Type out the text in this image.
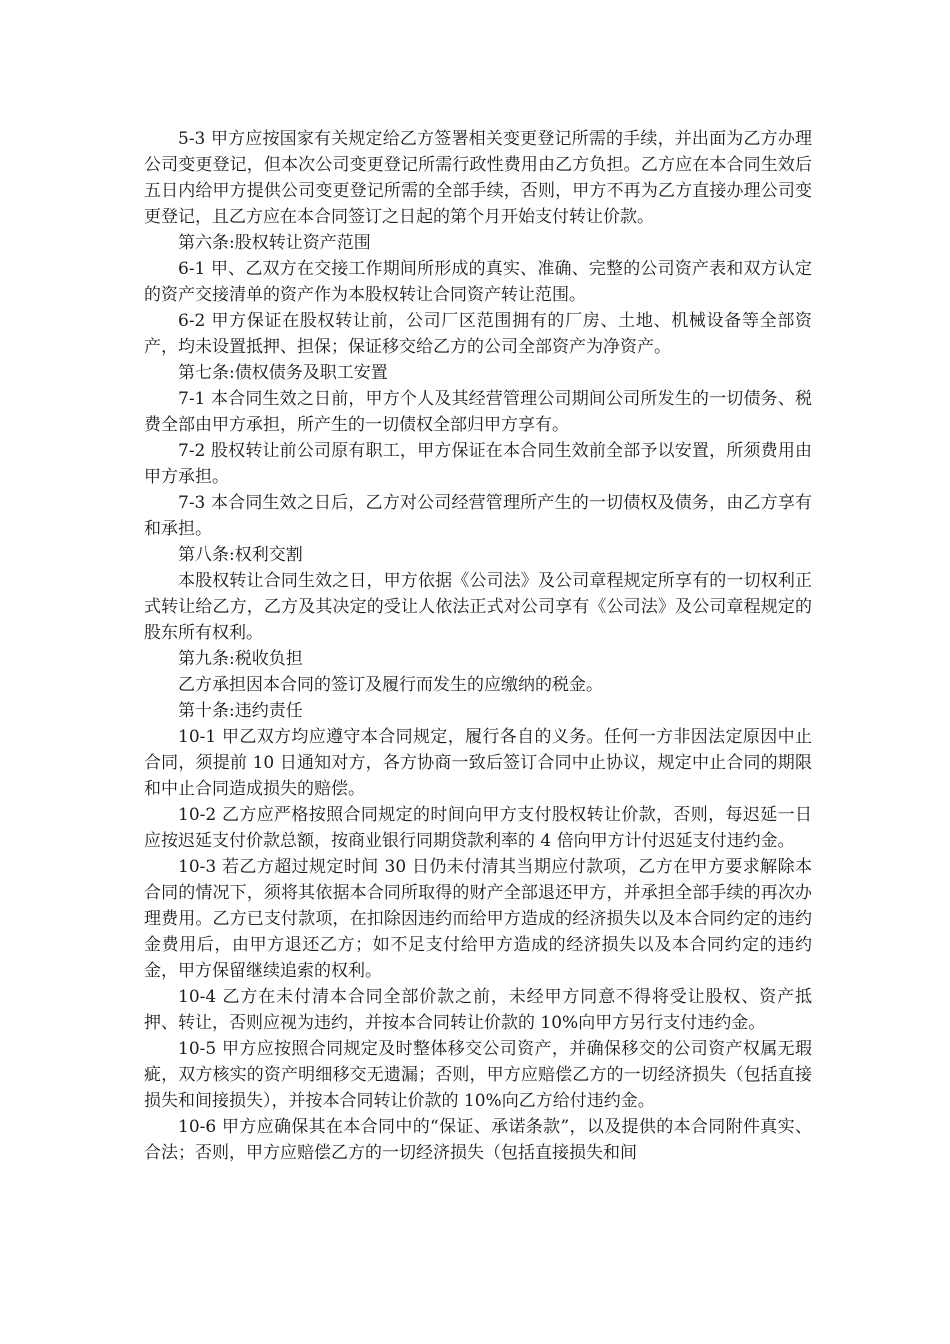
5-3 甲方应按国家有关规定给乙方签署相关变更登记所需的手续，并出面为乙方办理公司变更登记，但本次公司变更登记所需行政性费用由乙方负担。乙方应在本合同生效后五日内给甲方提供公司变更登记所需的全部手续，否则，甲方不再为乙方直接办理公司变更登记，且乙方应在本合同签订之日起的第个月开始支付转让价款。

第六条:股权转让资产范围

6-1 甲、乙双方在交接工作期间所形成的真实、准确、完整的公司资产表和双方认定的资产交接清单的资产作为本股权转让合同资产转让范围。

6-2 甲方保证在股权转让前，公司厂区范围拥有的厂房、土地、机械设备等全部资产，均未设置抵押、担保；保证移交给乙方的公司全部资产为净资产。

第七条:债权债务及职工安置

7-1 本合同生效之日前，甲方个人及其经营管理公司期间公司所发生的一切债务、税费全部由甲方承担，所产生的一切债权全部归甲方享有。

7-2 股权转让前公司原有职工，甲方保证在本合同生效前全部予以安置，所须费用由甲方承担。

7-3 本合同生效之日后，乙方对公司经营管理所产生的一切债权及债务，由乙方享有和承担。

第八条:权利交割

本股权转让合同生效之日，甲方依据《公司法》及公司章程规定所享有的一切权利正式转让给乙方，乙方及其决定的受让人依法正式对公司享有《公司法》及公司章程规定的股东所有权利。

第九条:税收负担

乙方承担因本合同的签订及履行而发生的应缴纳的税金。

第十条:违约责任

10-1 甲乙双方均应遵守本合同规定，履行各自的义务。任何一方非因法定原因中止合同，须提前 10 日通知对方，各方协商一致后签订合同中止协议，规定中止合同的期限和中止合同造成损失的赔偿。

10-2 乙方应严格按照合同规定的时间向甲方支付股权转让价款，否则，每迟延一日应按迟延支付价款总额，按商业银行同期贷款利率的 4 倍向甲方计付迟延支付违约金。

10-3 若乙方超过规定时间 30 日仍未付清其当期应付款项，乙方在甲方要求解除本合同的情况下，须将其依据本合同所取得的财产全部退还甲方，并承担全部手续的再次办理费用。乙方已支付款项，在扣除因违约而给甲方造成的经济损失以及本合同约定的违约金费用后，由甲方退还乙方；如不足支付给甲方造成的经济损失以及本合同约定的违约金，甲方保留继续追索的权利。

10-4 乙方在未付清本合同全部价款之前，未经甲方同意不得将受让股权、资产抵押、转让，否则应视为违约，并按本合同转让价款的 10%向甲方另行支付违约金。

10-5 甲方应按照合同规定及时整体移交公司资产，并确保移交的公司资产权属无瑕疵，双方核实的资产明细移交无遗漏；否则，甲方应赔偿乙方的一切经济损失（包括直接损失和间接损失），并按本合同转让价款的 10%向乙方给付违约金。

10-6 甲方应确保其在本合同中的“保证、承诺条款”，以及提供的本合同附件真实、合法；否则，甲方应赔偿乙方的一切经济损失（包括直接损失和间
